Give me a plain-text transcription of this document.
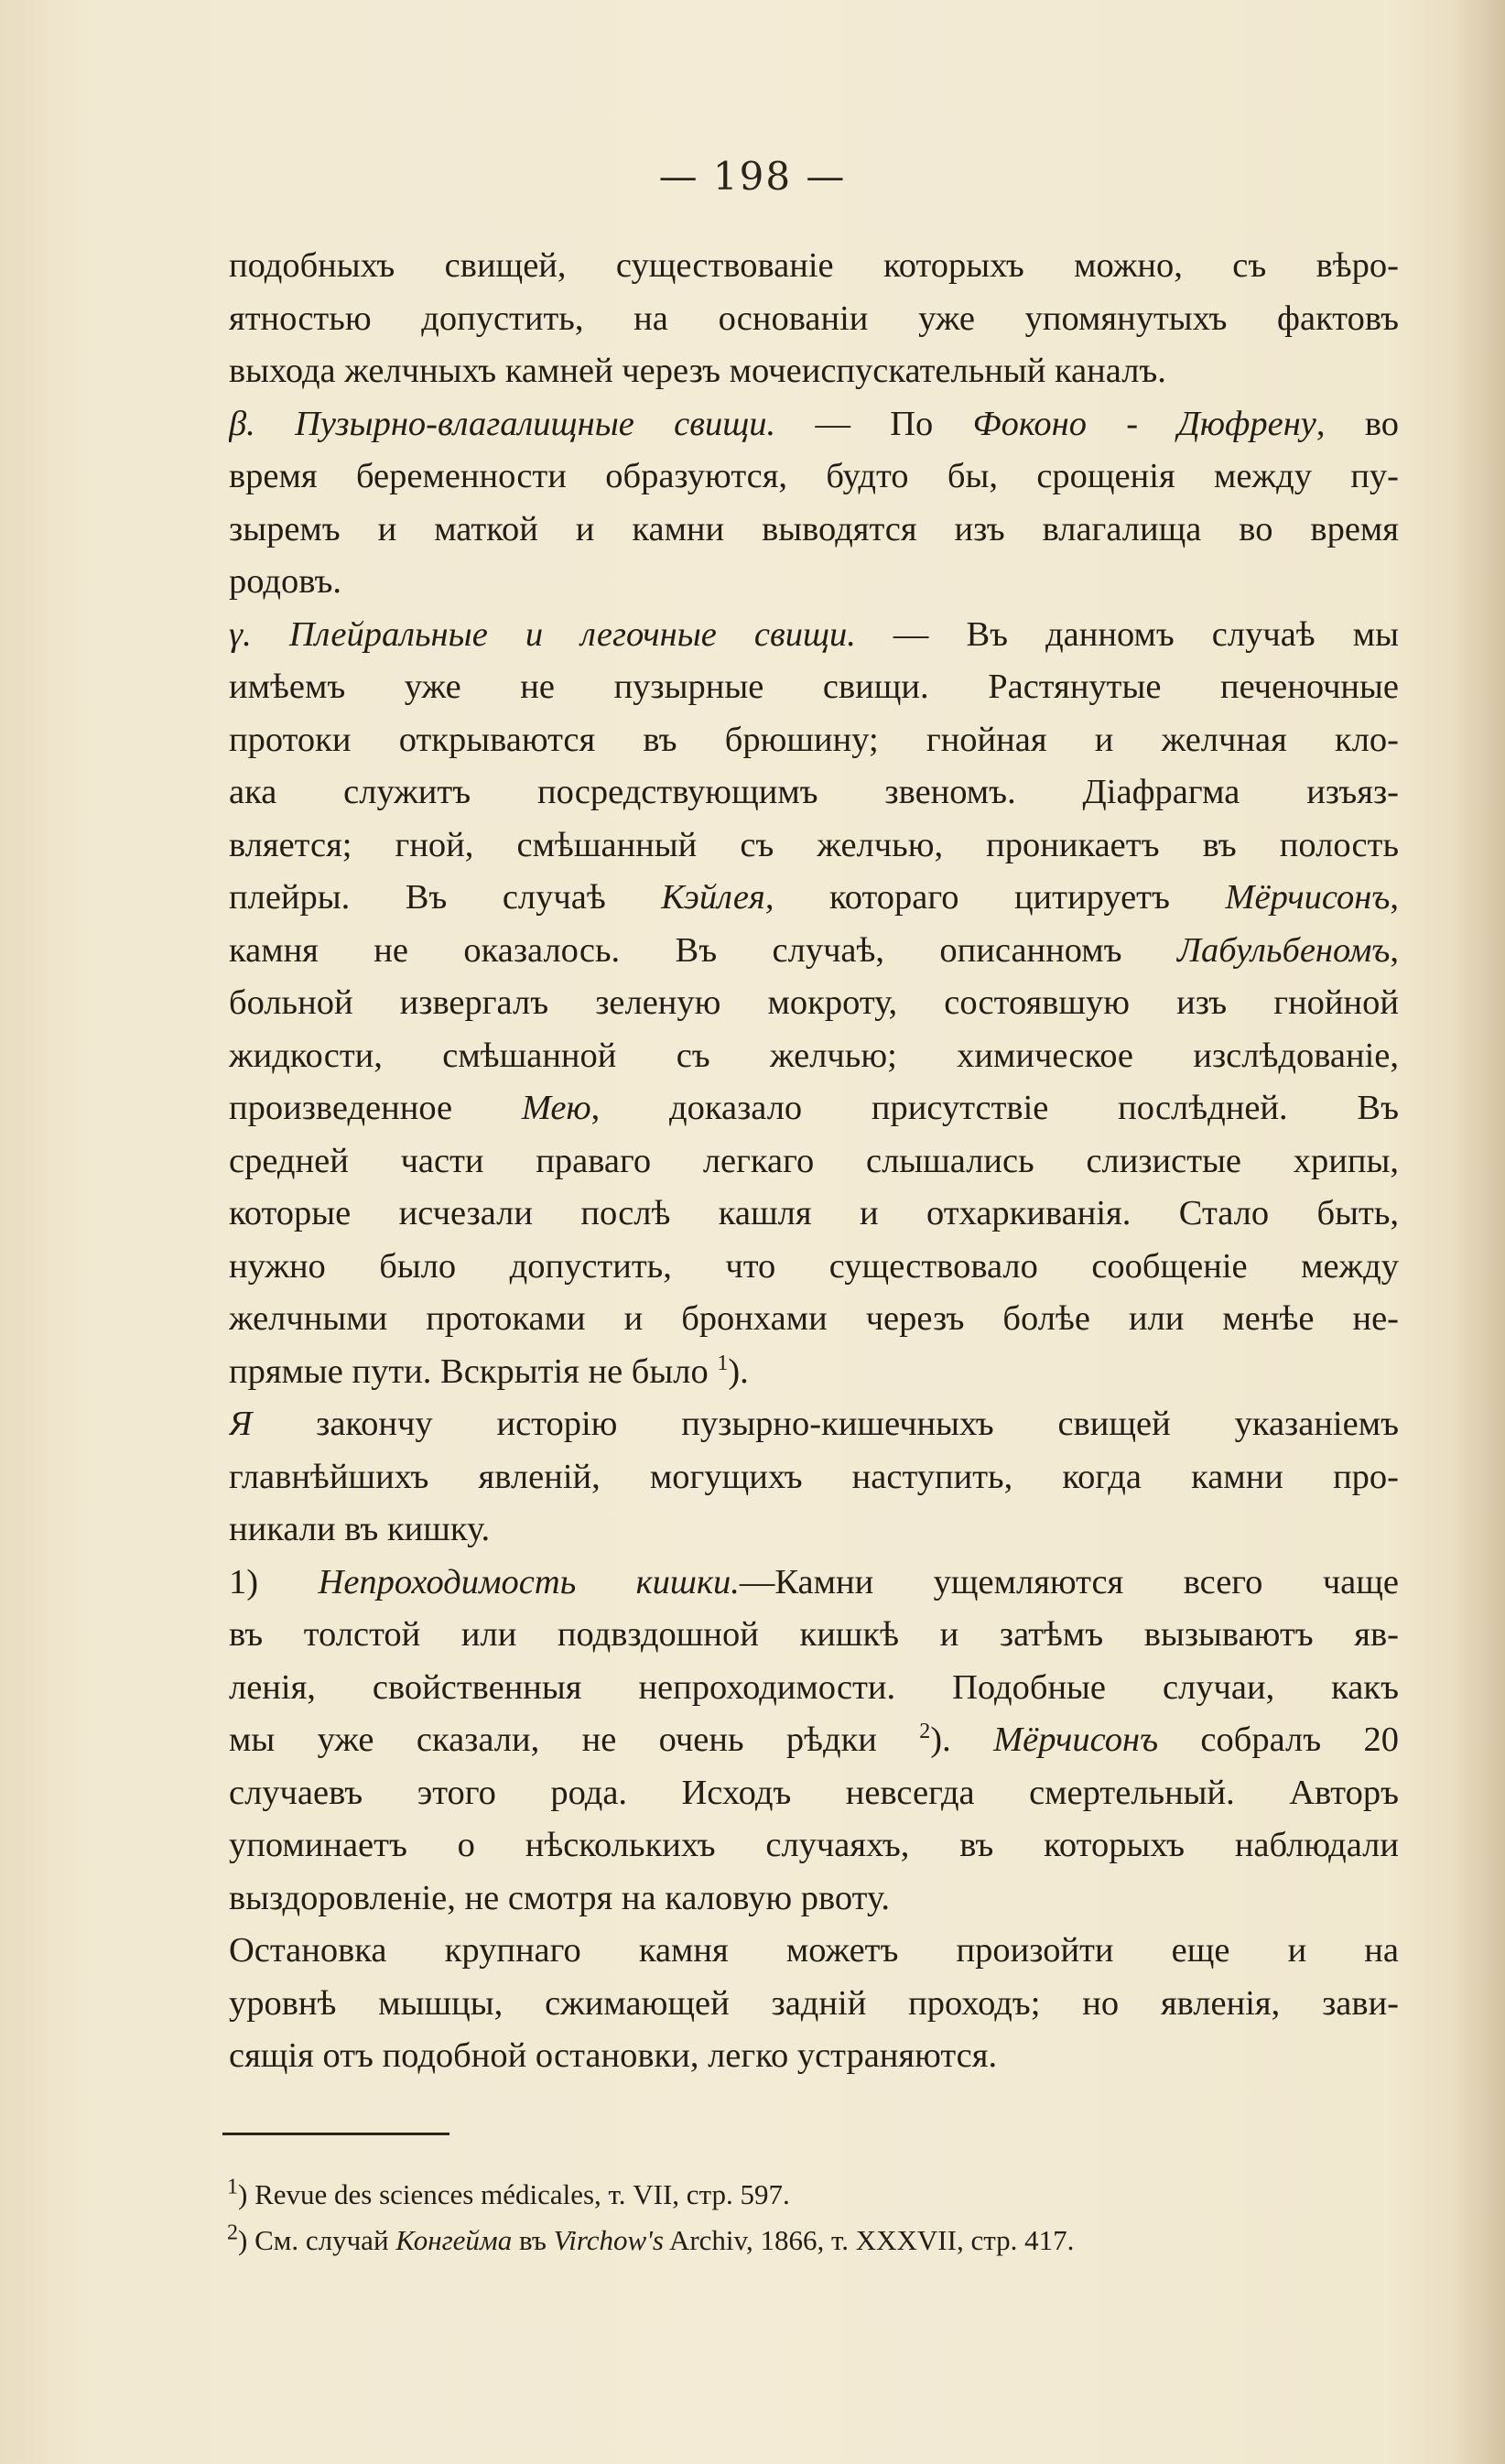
— 198 —
подобныхъ свищей, существованіе которыхъ можно, съ вѣро-
ятностью допустить, на основаніи уже упомянутыхъ фактовъ
выхода желчныхъ камней черезъ мочеиспускательный каналъ.
β. Пузырно-влагалищные свищи. — По Фоконо - Дюфрену, во
время беременности образуются, будто бы, срощенія между пу-
зыремъ и маткой и камни выводятся изъ влагалища во время
родовъ.
γ. Плейральные и легочные свищи. — Въ данномъ случаѣ мы
имѣемъ уже не пузырные свищи. Растянутые печеночные
протоки открываются въ брюшину; гнойная и желчная кло-
ака служитъ посредствующимъ звеномъ. Діафрагма изъяз-
вляется; гной, смѣшанный съ желчью, проникаетъ въ полость
плейры. Въ случаѣ Кэйлея, котораго цитируетъ Мёрчисонъ,
камня не оказалось. Въ случаѣ, описанномъ Лабульбеномъ,
больной извергалъ зеленую мокроту, состоявшую изъ гнойной
жидкости, смѣшанной съ желчью; химическое изслѣдованіе,
произведенное Мею, доказало присутствіе послѣдней. Въ
средней части праваго легкаго слышались слизистые хрипы,
которые исчезали послѣ кашля и отхаркиванія. Стало быть,
нужно было допустить, что существовало сообщеніе между
желчными протоками и бронхами черезъ болѣе или менѣе не-
прямые пути. Вскрытія не было $^1$).
Я закончу исторію пузырно-кишечныхъ свищей указаніемъ
главнѣйшихъ явленій, могущихъ наступить, когда камни про-
никали въ кишку.
1) Непроходимость кишки.—Камни ущемляются всего чаще
въ толстой или подвздошной кишкѣ и затѣмъ вызываютъ яв-
ленія, свойственныя непроходимости. Подобные случаи, какъ
мы уже сказали, не очень рѣдки $^2$). Мёрчисонъ собралъ 20
случаевъ этого рода. Исходъ невсегда смертельный. Авторъ
упоминаетъ о нѣсколькихъ случаяхъ, въ которыхъ наблюдали
выздоровленіе, не смотря на каловую рвоту.
Остановка крупнаго камня можетъ произойти еще и на
уровнѣ мышцы, сжимающей заднiй проходъ; но явленія, зави-
сящія отъ подобной остановки, легко устраняются.
$^1$) Revue des sciences médicales, т. VII, стр. 597.
$^2$) См. случай Конгейма въ Virchow's Archiv, 1866, т. XXXVII, стр. 417.
